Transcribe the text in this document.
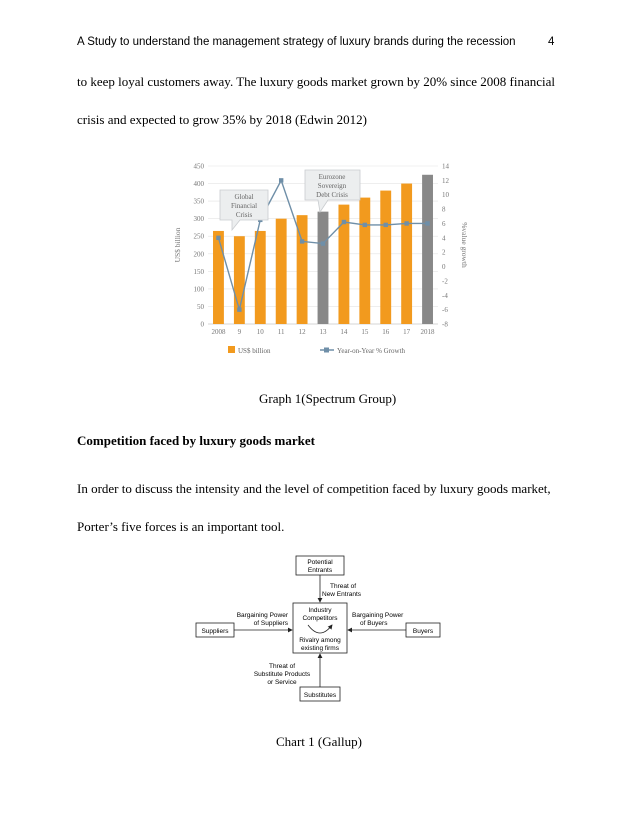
A Study to understand the management strategy of luxury brands during the recession	4
to keep loyal customers away. The luxury goods market grown by 20% since 2008 financial
crisis and expected to grow 35% by 2018 (Edwin 2012)
0
50
100
150
200
250
300
350
400
450
-8
-6
-4
-2
0
2
4
6
8
10
12
14
US$ billion	%value growth
2008 9 10 11 12 13 14 15 16 17 2018
Global
Financial
Crisis
Eurozone
Sovereign
Debt Crisis
US$ billion	Year-on-Year % Growth
Graph 1(Spectrum Group)
Competition faced by luxury goods market
In order to discuss the intensity and the level of competition faced by luxury goods market,
Porter’s five forces is an important tool.
Potential
Entrants
Threat of
New Entrants
Industry
Competitors
Rivalry among
existing firms
Suppliers
Bargaining Power
of Suppliers
Buyers
Bargaining Power
of Buyers
Substitutes
Threat of
Substitute Products
or Service
Chart 1 (Gallup)
